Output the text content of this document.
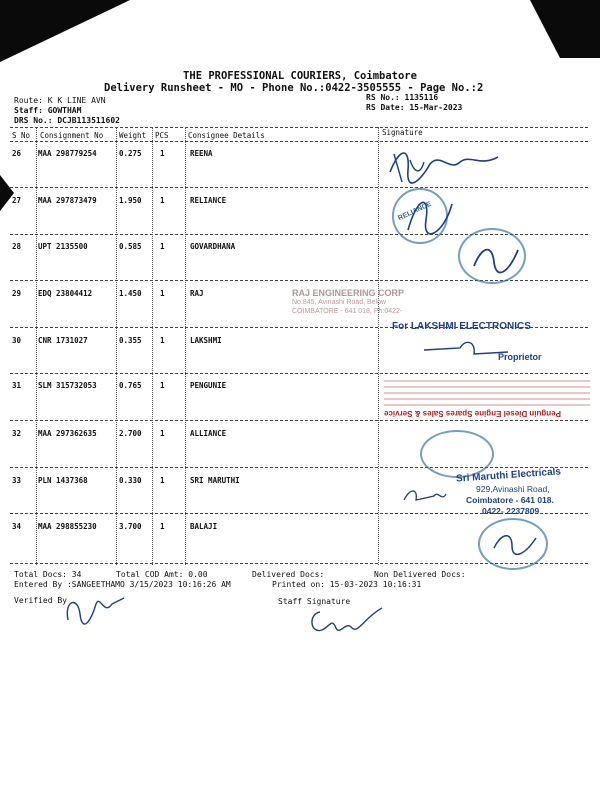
THE PROFESSIONAL COURIERS, Coimbatore
Delivery Runsheet - MO - Phone No.:0422-3505555 - Page No.:2
Route: K K LINE AVN
Staff: GOWTHAM
DRS No.: DCJB113511602
RS No.: 1135116
RS Date: 15-Mar-2023
S No Consignment No Weight PCS	Consignee Details	Signature
26 MAA 298779254	0.275 1	REENA
27 MAA 297873479	1.950 1	RELIANCE
28 UPT 2135500	0.585 1	GOVARDHANA
29 EDQ 23804412	1.450 1	RAJ
30 CNR 1731027	0.355 1	LAKSHMI
31 SLM 315732053	0.765 1	PENGUNIE
32 MAA 297362635	2.700 1	ALLIANCE
33 PLN 1437368	0.330 1	SRI MARUTHI
34 MAA 298855230	3.700 1	BALAJI
RELIANCE
RAJ ENGINEERING CORP
No.845, Avinashi Road, Below
COIMBATORE - 641 018, Ph:0422-
For LAKSHMI ELECTRONICS
Proprietor
Penguin Diesel Engine Spares Sales & Service
Sri Maruthi Electricals
929,Avinashi Road,
Coimbatore - 641 018.
0422- 2237809
Total Docs: 34	Total COD Amt: 0.00	Delivered Docs:	Non Delivered Docs:
Entered By :SANGEETHAMO 3/15/2023 10:16:26 AM	Printed on: 15-03-2023 10:16:31
Verified By	Staff Signature
